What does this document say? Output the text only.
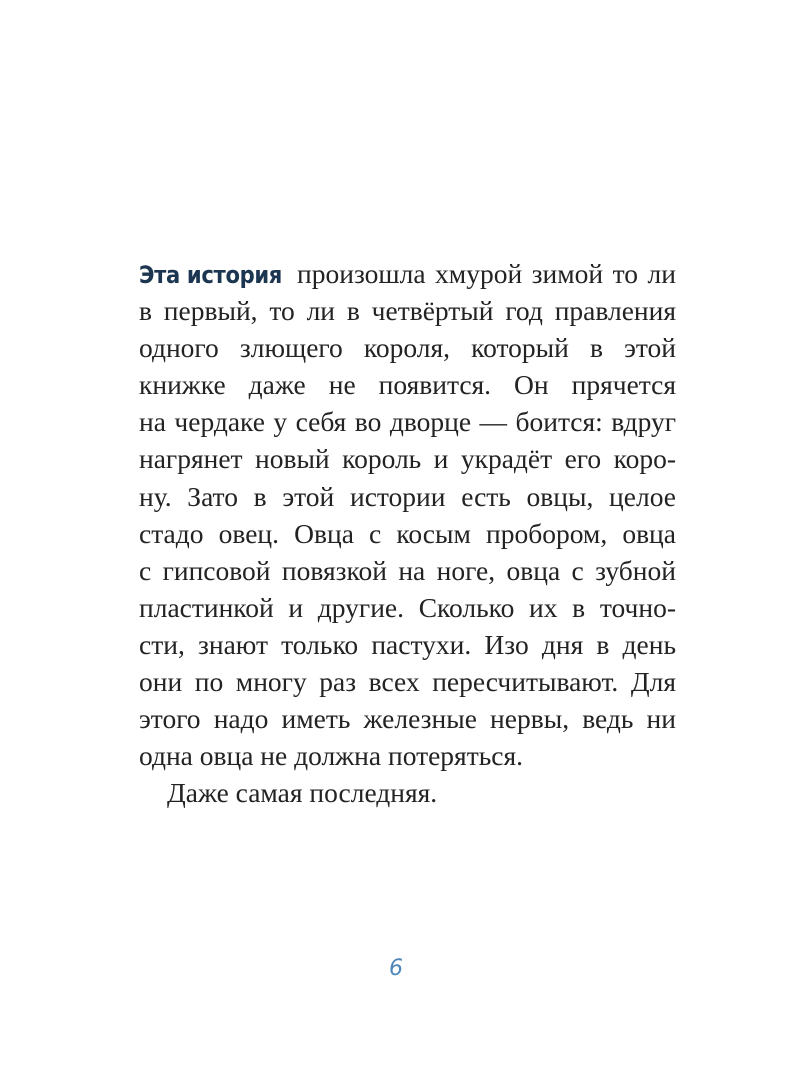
Эта история произошла хмурой зимой то ли
в первый, то ли в четвёртый год правления
одного злющего короля, который в этой
книжке даже не появится. Он прячется
на чердаке у себя во дворце — боится: вдруг
нагрянет новый король и украдёт его коро-
ну. Зато в этой истории есть овцы, целое
стадо овец. Овца с косым пробором, овца
с гипсовой повязкой на ноге, овца с зубной
пластинкой и другие. Сколько их в точно-
сти, знают только пастухи. Изо дня в день
они по многу раз всех пересчитывают. Для
этого надо иметь железные нервы, ведь ни
одна овца не должна потеряться.
Даже самая последняя.
6
